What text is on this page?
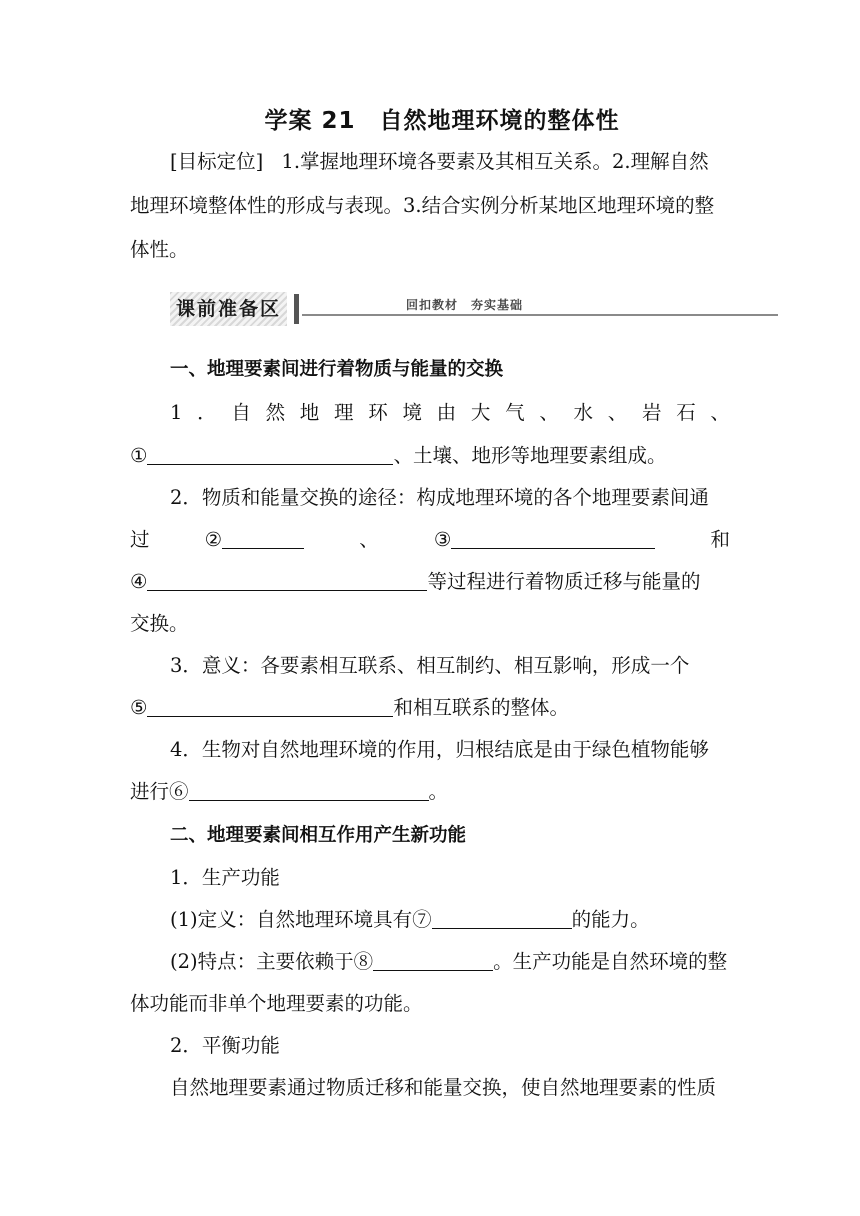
学案 21　自然地理环境的整体性
[目标定位] 1.掌握地理环境各要素及其相互关系。2.理解自然
地理环境整体性的形成与表现。3.结合实例分析某地区地理环境的整
体性。
课前准备区	回扣教材　夯实基础
一、地理要素间进行着物质与能量的交换
1 ． 自 然 地 理 环 境 由 大 气 、 水 、 岩 石 、
①	、土壤、地形等地理要素组成。
2．物质和能量交换的途径：构成地理环境的各个地理要素间通
过	②	、	③	和
④	等过程进行着物质迁移与能量的
交换。
3．意义：各要素相互联系、相互制约、相互影响，形成一个
⑤	和相互联系的整体。
4．生物对自然地理环境的作用，归根结底是由于绿色植物能够
进行⑥	。
二、地理要素间相互作用产生新功能
1．生产功能
(1)定义：自然地理环境具有⑦	的能力。
(2)特点：主要依赖于⑧	。生产功能是自然环境的整
体功能而非单个地理要素的功能。
2．平衡功能
自然地理要素通过物质迁移和能量交换，使自然地理要素的性质
